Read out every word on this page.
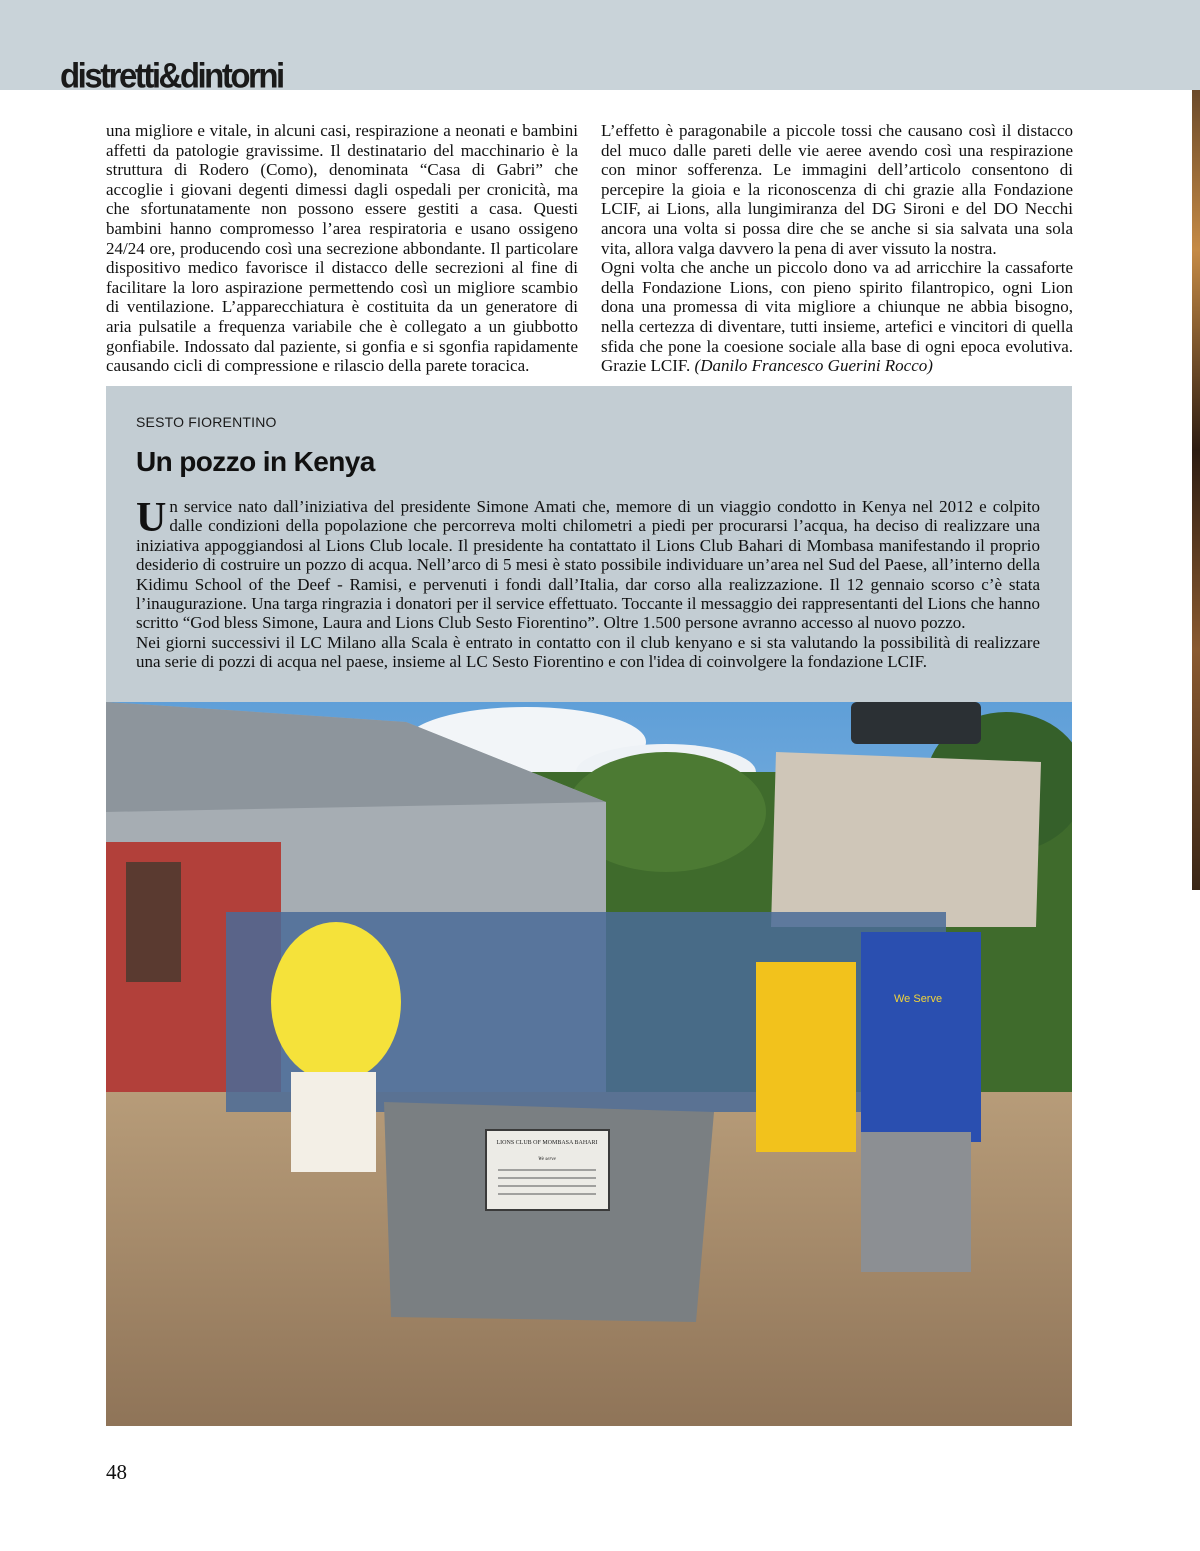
distretti&dintorni

una migliore e vitale, in alcuni casi, respirazione a neonati e bambini affetti da patologie gravissime. Il destinatario del macchinario è la struttura di Rodero (Como), denominata “Casa di Gabri” che accoglie i giovani degenti dimessi dagli ospedali per cronicità, ma che sfortunatamente non possono essere gestiti a casa. Questi bambini hanno compromesso l’area respiratoria e usano ossigeno 24/24 ore, producendo così una secrezione abbondante. Il particolare dispositivo medico favorisce il distacco delle secrezioni al fine di facilitare la loro aspirazione permettendo così un migliore scambio di ventilazione. L’apparecchiatura è costituita da un generatore di aria pulsatile a frequenza variabile che è collegato a un giubbotto gonfiabile. Indossato dal paziente, si gonfia e si sgonfia rapidamente causando cicli di compressione e rilascio della parete toracica.

L’effetto è paragonabile a piccole tossi che causano così il distacco del muco dalle pareti delle vie aeree avendo così una respirazione con minor sofferenza. Le immagini dell’articolo consentono di percepire la gioia e la riconoscenza di chi grazie alla Fondazione LCIF, ai Lions, alla lungimiranza del DG Sironi e del DO Necchi ancora una volta si possa dire che se anche si sia salvata una sola vita, allora valga davvero la pena di aver vissuto la nostra.

Ogni volta che anche un piccolo dono va ad arricchire la cassaforte della Fondazione Lions, con pieno spirito filantropico, ogni Lion dona una promessa di vita migliore a chiunque ne abbia bisogno, nella certezza di diventare, tutti insieme, artefici e vincitori di quella sfida che pone la coesione sociale alla base di ogni epoca evolutiva. Grazie LCIF. (Danilo Francesco Guerini Rocco)

SESTO FIORENTINO
Un pozzo in Kenya

Un service nato dall’iniziativa del presidente Simone Amati che, memore di un viaggio condotto in Kenya nel 2012 e colpito dalle condizioni della popolazione che percorreva molti chilometri a piedi per procurarsi l’acqua, ha deciso di realizzare una iniziativa appoggiandosi al Lions Club locale. Il presidente ha contattato il Lions Club Bahari di Mombasa manifestando il proprio desiderio di costruire un pozzo di acqua. Nell’arco di 5 mesi è stato possibile individuare un’area nel Sud del Paese, all’interno della Kidimu School of the Deef - Ramisi, e pervenuti i fondi dall’Italia, dar corso alla realizzazione. Il 12 gennaio scorso c’è stata l’inaugurazione. Una targa ringrazia i donatori per il service effettuato. Toccante il messaggio dei rappresentanti del Lions che hanno scritto “God bless Simone, Laura and Lions Club Sesto Fiorentino”. Oltre 1.500 persone avranno accesso al nuovo pozzo.

Nei giorni successivi il LC Milano alla Scala è entrato in contatto con il club kenyano e si sta valutando la possibilità di realizzare una serie di pozzi di acqua nel paese, insieme al LC Sesto Fiorentino e con l'idea di coinvolgere la fondazione LCIF.

We Serve
LIONS CLUB OF MOMBASA BAHARI
We serve
48
